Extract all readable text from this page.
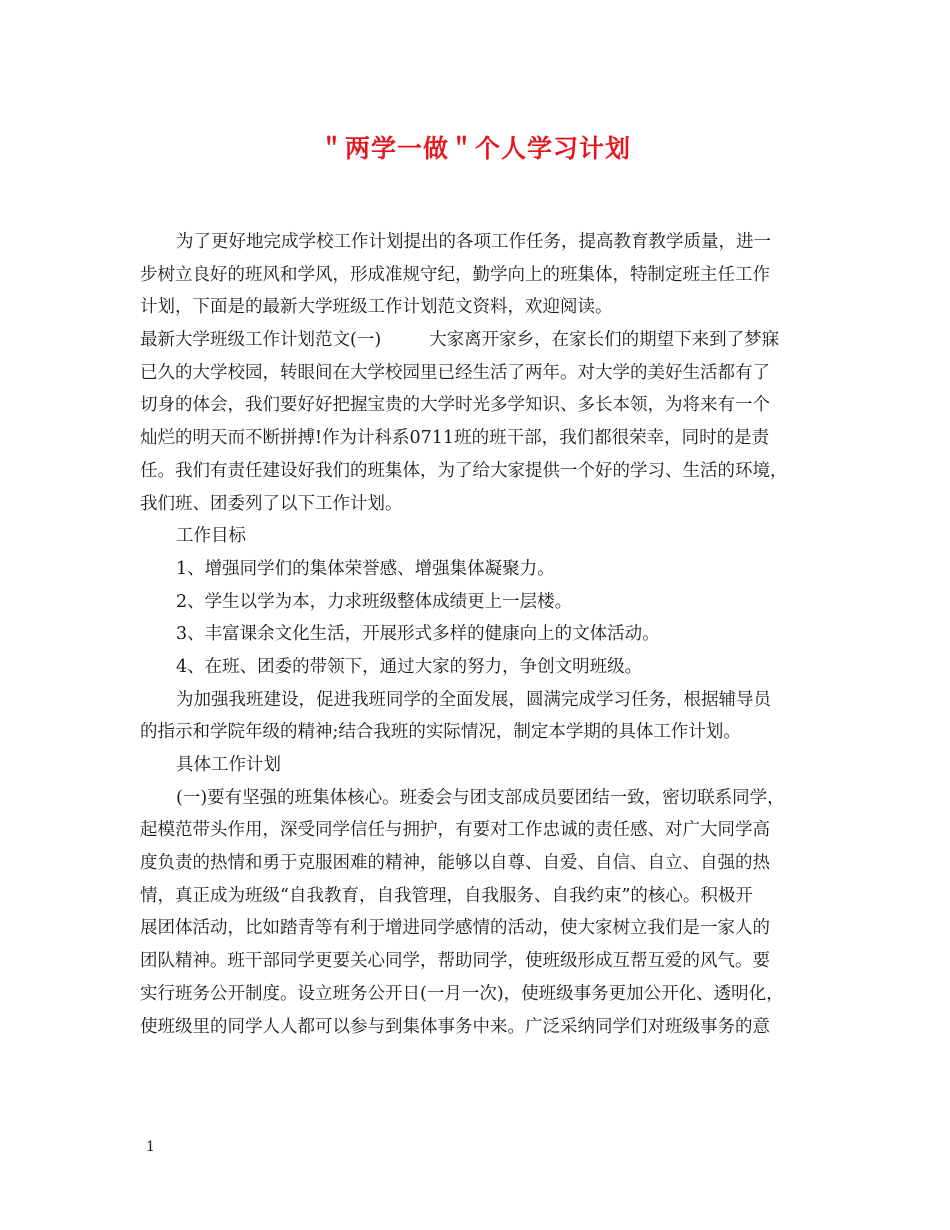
＂两学一做＂个人学习计划
为了更好地完成学校工作计划提出的各项工作任务，提高教育教学质量，进一
步树立良好的班风和学风，形成准规守纪，勤学向上的班集体，特制定班主任工作
计划，下面是的最新大学班级工作计划范文资料，欢迎阅读。
最新大学班级工作计划范文(一)	大家离开家乡，在家长们的期望下来到了梦寐
已久的大学校园，转眼间在大学校园里已经生活了两年。对大学的美好生活都有了
切身的体会，我们要好好把握宝贵的大学时光多学知识、多长本领，为将来有一个
灿烂的明天而不断拼搏!作为计科系0711班的班干部，我们都很荣幸，同时的是责
任。我们有责任建设好我们的班集体，为了给大家提供一个好的学习、生活的环境，
我们班、团委列了以下工作计划。
工作目标
1、增强同学们的集体荣誉感、增强集体凝聚力。
2、学生以学为本，力求班级整体成绩更上一层楼。
3、丰富课余文化生活，开展形式多样的健康向上的文体活动。
4、在班、团委的带领下，通过大家的努力，争创文明班级。
为加强我班建设，促进我班同学的全面发展，圆满完成学习任务，根据辅导员
的指示和学院年级的精神;结合我班的实际情况，制定本学期的具体工作计划。
具体工作计划
(一)要有坚强的班集体核心。班委会与团支部成员要团结一致，密切联系同学，
起模范带头作用，深受同学信任与拥护，有要对工作忠诚的责任感、对广大同学高
度负责的热情和勇于克服困难的精神，能够以自尊、自爱、自信、自立、自强的热
情，真正成为班级“自我教育，自我管理，自我服务、自我约束”的核心。积极开
展团体活动，比如踏青等有利于增进同学感情的活动，使大家树立我们是一家人的
团队精神。班干部同学更要关心同学，帮助同学，使班级形成互帮互爱的风气。要
实行班务公开制度。设立班务公开日(一月一次)，使班级事务更加公开化、透明化，
使班级里的同学人人都可以参与到集体事务中来。广泛采纳同学们对班级事务的意
1
